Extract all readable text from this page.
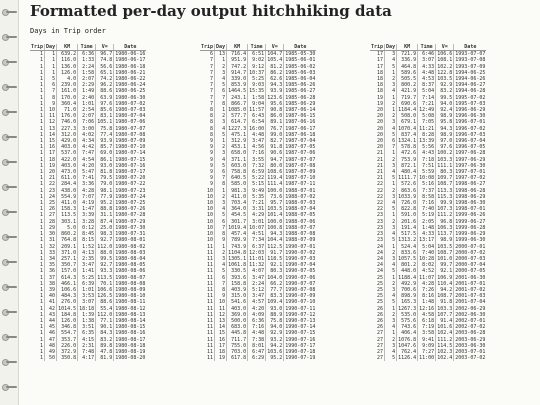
Formatted per-day output hitchhiking data

Days in Trip order

Trip	Day	KM	Time	V=	Date
1	1	639.2	6:36	96.7	1980-06-16
1	1	116.0	1:33	74.8	1980-06-17
1	1	136.0	2:24	56.6	1980-06-18
1	1	126.0	1:58	65.1	1980-06-21
1	5	4.0	2:07	74.2	1980-06-22
1	6	239.0	2:29	96.2	1980-06-24
1	7	161.0	1:49	88.6	1980-06-25
1	8	170.0	2:40	63.9	1980-06-30
1	9	360.4	1:01	97.6	1980-07-02
1	10	71.0	2:54	85.6	1980-07-03
1	11	176.0	2:07	83.1	1980-07-04
1	12	746.0	7:06	105.1	1980-07-06
1	13	227.3	3:00	75.8	1980-07-07
1	14	312.0	4:02	77.4	1980-07-08
1	15	429.0	4:34	93.9	1980-07-09
1	16	403.0	4:42	85.7	1980-07-10
1	17	537.0	7:47	69.0	1980-07-14
1	18	422.0	4:54	86.1	1980-07-15
1	19	403.0	4:20	93.0	1980-07-16
1	20	473.0	5:47	81.8	1980-07-17
1	21	611.0	7:41	79.5	1980-07-20
1	22	284.4	3:36	79.0	1980-07-22
1	23	438.0	4:28	98.1	1980-07-23
1	24	554.9	7:07	77.9	1980-07-24
1	25	411.0	4:19	95.2	1980-07-25
1	26	158.3	1:47	88.8	1980-07-26
1	27	113.5	3:39	31.1	1980-07-28
1	28	303.1	3:28	87.4	1980-07-29
1	29	5.0	0:12	25.0	1980-07-30
1	30	860.2	8:45	98.3	1980-07-31
1	31	764.8	8:15	92.7	1980-08-01
1	32	209.1	1:52	112.0	1980-08-02
1	33	371.0	4:13	88.0	1980-08-03
1	34	257.1	2:35	99.5	1980-08-04
1	35	350.7	3:47	92.7	1980-08-05
1	36	157.0	1:41	93.3	1980-08-06
1	37	614.3	5:25	113.5	1980-08-07
1	38	466.1	6:39	70.1	1980-08-08
1	39	106.6	1:01	106.6	1980-08-09
1	40	484.3	3:53	126.5	1980-08-10
1	41	276.0	3:07	88.6	1980-08-11
1	42	1014.5	18:18	55.4	1980-08-12
1	43	184.8	1:39	112.0	1980-08-13
1	44	126.0	1:38	77.1	1980-08-14
1	45	346.8	3:51	90.1	1980-08-15
1	46	554.7	6:35	84.3	1980-08-16
1	47	353.7	4:15	83.2	1980-08-17
1	48	226.0	2:31	89.8	1980-08-18
1	49	372.9	7:48	47.8	1980-08-19
1	50	350.8	4:17	81.9	1980-08-20
Trip	Day	KM	Time	V=	Date
6	13	716.4	6:51	104.7	1985-05-30
7	1	951.9	9:02	105.4	1985-06-01
7	2	747.2	9:12	81.2	1985-06-02
7	3	914.7	10:37	86.2	1985-06-03
7	4	339.0	5:25	62.6	1985-06-04
7	5	853.9	9:03	94.3	1985-06-26
7	6	1464.5	15:35	93.9	1985-06-27
7	7	243.1	1:58	123.6	1985-06-28
7	8	866.7	9:04	95.6	1985-06-29
8	1	1085.0	11:57	90.8	1987-06-14
8	2	577.7	6:43	86.0	1987-06-15
8	3	614.7	6:54	89.1	1987-06-16
8	4	1227.3	16:00	76.7	1987-06-17
8	5	475.1	4:48	99.0	1987-06-18
9	1	312.9	3:47	82.7	1987-07-04
9	2	453.1	4:56	91.8	1987-07-05
9	3	658.0	7:16	90.6	1987-07-06
9	4	371.1	3:55	94.7	1987-07-07
9	5	603.0	7:32	80.0	1987-07-08
9	6	758.8	6:59	108.6	1987-07-09
9	7	640.5	5:22	119.4	1987-07-10
9	8	585.0	5:15	111.4	1987-07-11
10	1	981.3	9:49	100.0	1988-07-01
10	2	411.0	5:35	73.6	1988-07-02
10	3	703.4	7:21	95.7	1988-07-03
10	4	364.0	3:31	103.5	1988-07-04
10	5	454.5	4:29	101.4	1988-07-05
10	6	301.7	3:01	100.0	1988-07-06
10	7	1019.4	10:07	100.8	1988-07-07
10	8	457.4	4:51	94.3	1988-07-08
10	9	789.9	7:34	104.4	1988-07-09
11	1	743.9	6:37	112.5	1990-07-01
11	2	1104.8	12:03	91.7	1990-07-02
11	3	1305.1	11:01	118.5	1990-07-03
11	4	1061.8	11:32	92.1	1990-07-04
11	5	330.5	4:07	80.3	1990-07-05
11	6	393.6	3:47	104.0	1990-07-06
11	7	158.8	2:24	66.2	1990-07-07
11	8	403.9	5:12	77.7	1990-07-08
11	9	315.0	3:47	83.3	1990-07-09
11	10	541.6	4:57	109.4	1990-07-10
11	11	403.0	4:20	93.0	1990-07-11
11	12	369.0	4:09	88.9	1990-07-12
11	13	500.0	6:36	75.8	1990-07-13
11	14	683.0	7:16	94.0	1990-07-14
11	15	445.8	4:48	92.9	1990-07-15
11	16	711.7	7:38	93.2	1990-07-16
11	17	755.0	8:01	94.2	1990-07-17
11	18	703.0	6:47	103.6	1990-07-18
11	19	617.8	6:29	95.2	1990-07-19
Trip	Day	KM	Time	V=	Date
17	3	721.9	6:46	106.6	1993-07-07
17	4	336.9	3:07	108.1	1993-07-08
17	5	464.8	4:33	102.2	1993-07-09
18	1	589.6	4:48	122.8	1994-06-25
18	2	505.5	4:53	103.5	1994-06-26
18	3	800.2	8:37	92.9	1994-06-27
18	4	421.9	5:04	83.2	1994-06-28
19	1	719.7	7:14	99.5	1995-07-02
19	2	690.6	7:21	94.0	1995-07-03
20	1	1184.4	12:49	92.4	1996-06-29
20	2	508.0	5:08	98.9	1996-06-30
20	3	679.1	7:05	95.8	1996-07-01
20	4	1070.4	11:21	94.3	1996-07-02
20	5	837.4	8:28	98.9	1996-07-03
20	6	1324.1	13:39	97.0	1996-07-04
20	7	578.8	5:56	97.6	1996-07-05
21	1	472.6	4:43	100.2	1997-06-28
21	2	753.9	7:18	103.3	1997-06-29
21	3	872.1	7:51	111.1	1997-06-30
21	4	480.4	5:59	80.3	1997-07-01
21	5	1111.7	10:08	109.7	1997-07-02
22	1	572.6	5:16	108.7	1998-06-27
22	2	863.6	7:37	113.3	1998-06-28
22	3	1033.9	8:58	115.3	1998-06-29
22	4	726.0	7:16	99.9	1998-06-30
22	5	822.8	7:40	107.3	1998-07-01
23	1	591.0	5:19	111.2	1999-06-26
23	2	201.6	2:05	96.8	1999-06-27
23	3	191.4	1:48	106.3	1999-06-28
23	4	517.5	4:33	113.7	1999-06-29
23	5	1313.2	13:17	98.9	1999-06-30
24	1	524.4	5:04	103.5	2000-07-01
24	2	833.6	7:40	108.7	2000-07-02
24	3	1057.5	10:28	101.0	2000-07-03
24	4	801.2	8:02	99.7	2000-07-04
24	5	448.0	4:52	92.1	2000-07-05
25	1	1188.4	11:07	106.9	2001-06-30
25	2	492.9	4:28	110.4	2001-07-01
25	3	700.6	7:26	94.2	2001-07-02
25	4	898.9	8:16	108.7	2001-07-03
25	5	165.3	1:48	91.8	2001-07-04
26	1	1267.3	12:16	103.3	2002-06-29
26	2	535.0	4:58	107.7	2002-06-30
26	3	575.6	6:18	91.4	2002-07-01
26	4	743.6	7:19	101.6	2002-07-02
27	1	406.4	3:58	102.4	2003-06-28
27	2	1076.8	9:41	111.2	2003-06-29
27	3	1047.6	9:09	114.5	2003-06-30
27	4	762.4	7:27	102.3	2003-07-01
27	5	1126.4	11:00	102.4	2003-07-02
